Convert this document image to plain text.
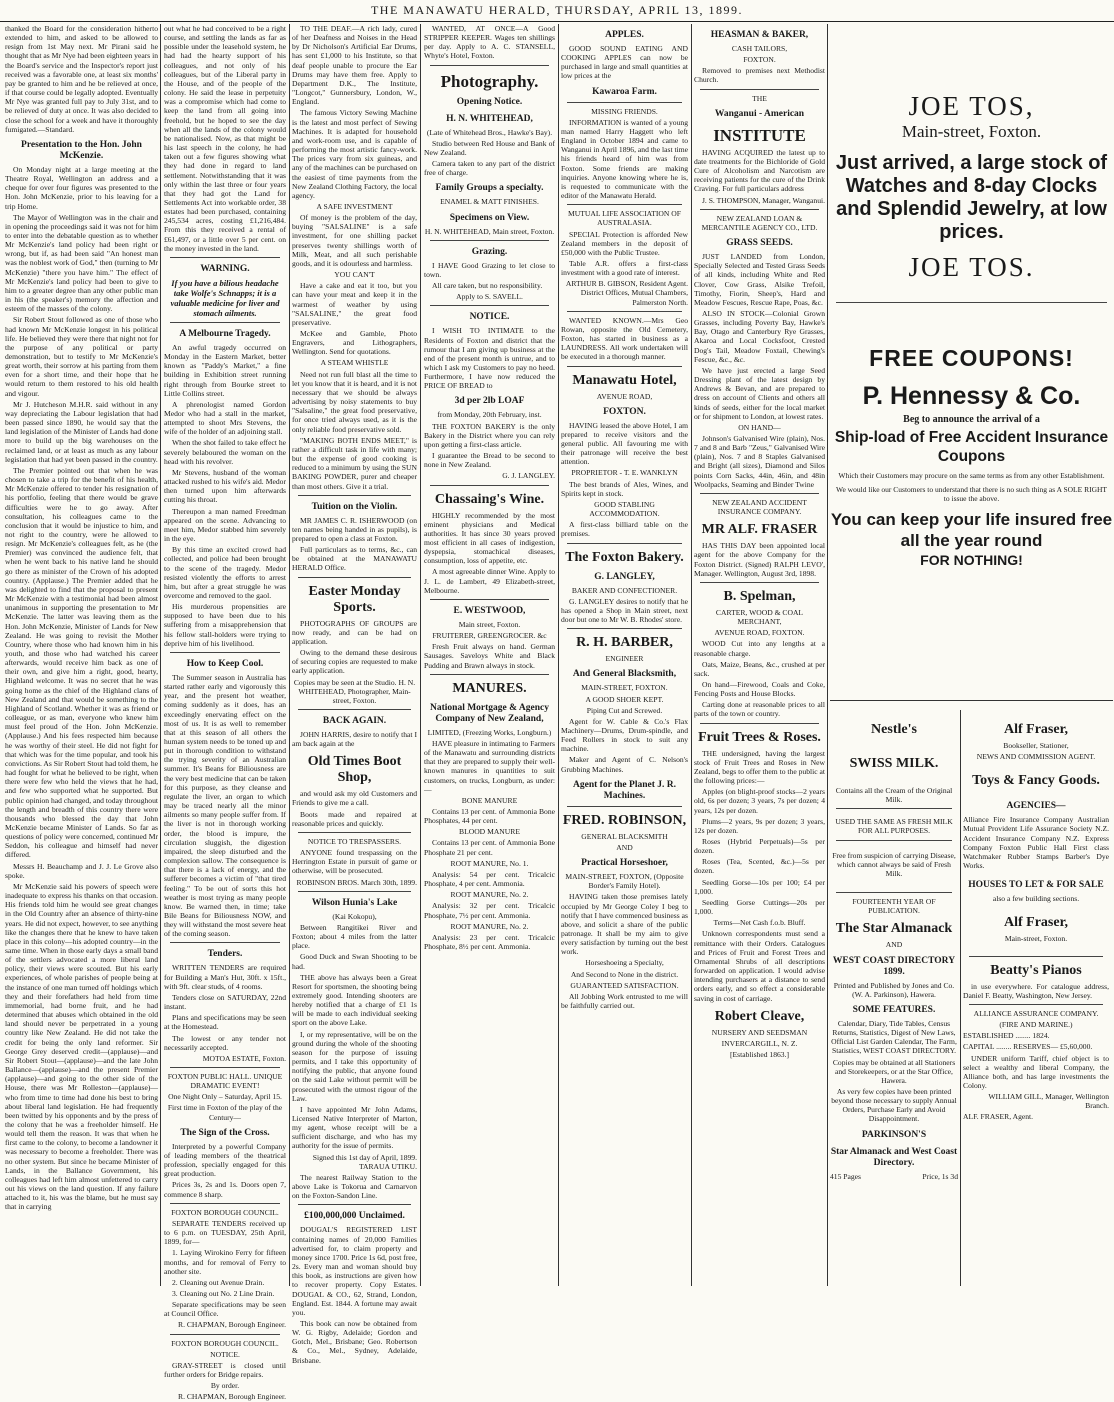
THE MANAWATU HERALD, THURSDAY, APRIL 13, 1899.

thanked the Board for the consideration hitherto extended to him, and asked to be allowed to resign from 1st May next. Mr Pirani said he thought that as Mr Nye had been eighteen years in the Board's service and the Inspector's report just received was a favorable one, at least six months' pay be granted to him and he be relieved at once, if that course could be legally adopted. Eventually Mr Nye was granted full pay to July 31st, and to be relieved of duty at once. It was also decided to close the school for a week and have it thoroughly fumigated.—Standard.

Presentation to the Hon. John McKenzie.

On Monday night at a large meeting at the Theatre Royal, Wellington an address and a cheque for over four figures was presented to the Hon. John McKenzie, prior to his leaving for a trip Home.

The Mayor of Wellington was in the chair and in opening the proceedings said it was not for him to enter into the debatable question as to whether Mr McKenzie's land policy had been right or wrong, but if, as had been said "An honest man was the noblest work of God," then (turning to Mr McKenzie) "there you have him." The effect of Mr McKenzie's land policy had been to give to him to a greater degree than any other public man in his (the speaker's) memory the affection and esteem of the masses of the colony.

Sir Robert Stout followed as one of those who had known Mr McKenzie longest in his political life. He believed they were there that night not for the purpose of any political or party demonstration, but to testify to Mr McKenzie's great worth, their sorrow at his parting from them even for a short time, and their hope that he would return to them restored to his old health and vigour.

Mr J. Hutcheson M.H.R. said without in any way depreciating the Labour legislation that had been passed since 1890, he would say that the land legislation of the Minister of Lands had done more to build up the big warehouses on the reclaimed land, or at least as much as any labour legislation that had yet been passed in the country.

The Premier pointed out that when he was chosen to take a trip for the benefit of his health, Mr McKenzie offered to tender his resignation of his portfolio, feeling that there would be grave difficulties were he to go away. After consultation, his colleagues came to the conclusion that it would be injustice to him, and not right to the country, were he allowed to resign. Mr McKenzie's colleagues felt, as he (the Premier) was convinced the audience felt, that when he went back to his native land he should go there as minister of the Crown of his adopted country. (Applause.) The Premier added that he was delighted to find that the proposal to present Mr McKenzie with a testimonial had been almost unanimous in supporting the presentation to Mr McKenzie. The latter was leaving them as the Hon. John McKenzie, Minister of Lands for New Zealand. He was going to revisit the Mother Country, where those who had known him in his youth, and those who had watched his career afterwards, would receive him back as one of their own, and give him a right, good, hearty, Highland welcome. It was no secret that he was going home as the chief of the Highland clans of New Zealand and that would be something to the Highland of Scotland. Whether it was as friend or colleague, or as man, everyone who knew him must feel proud of the Hon. John McKenzie. (Applause.) And his fees respected him because he was worthy of their steel. He did not fight for that which was for the time popular, and took his convictions. As Sir Robert Stout had told them, he had fought for what he believed to be right, when there were few who held the views that he had, and few who supported what he supported. But public opinion had changed, and today throughout the length and breadth of this country there were thousands who blessed the day that John McKenzie became Minister of Lands. So far as questions of policy were concerned, continued Mr Seddon, his colleague and himself had never differed.

Messrs H. Beauchamp and J. J. Le Grove also spoke.

Mr McKenzie said his powers of speech were inadequate to express his thanks on that occasion. His friends told him he would see great changes in the Old Country after an absence of thirty-nine years. He did not expect, however, to see anything like the changes there that he knew to have taken place in this colony—his adopted country—in the same time. When in those early days a small band of the settlers advocated a more liberal land policy, their views were scouted. But his early experiences, of whole parishes of people being at the instance of one man turned off holdings which they and their forefathers had held from time immemorial, had borne fruit, and he had determined that abuses which obtained in the old land should never be perpetrated in a young country like New Zealand. He did not take the credit for being the only land reformer. Sir George Grey deserved credit—(applause)—and Sir Robert Stout—(applause)—and the late John Ballance—(applause)—and the present Premier (applause)—and going to the other side of the House, there was Mr Rolleston—(applause)—who from time to time had done his best to bring about liberal land legislation. He had frequently been twitted by his opponents and by the press of the colony that he was a freeholder himself. He would tell them the reason. It was that when he first came to the colony, to become a landowner it was necessary to become a freeholder. There was no other system. But since he became Minister of Lands, in the Ballance Government, his colleagues had left him almost unfettered to carry out his views on the land question. If any failure attached to it, his was the blame, but he must say that in carrying

out what he had conceived to be a right course, and settling the lands as far as possible under the leasehold system, he had had the hearty support of his colleagues, and not only of his colleagues, but of the Liberal party in the House, and of the people of the colony. He said the lease in perpetuity was a compromise which had come to keep the land from all going into freehold, but he hoped to see the day when all the lands of the colony would be nationalised. Now, as that might be his last speech in the colony, he had taken out a few figures showing what they had done in regard to land settlement. Notwithstanding that it was only within the last three or four years that they had got the Land for Settlements Act into workable order, 38 estates had been purchased, containing 245,534 acres, costing £1,216,484. From this they received a rental of £61,497, or a little over 5 per cent. on the money invested in the land.

WARNING.
If you have a bilious headache take Wolfe's Schnapps; it is a valuable medicine for liver and stomach ailments.
A Melbourne Tragedy.

An awful tragedy occurred on Monday in the Eastern Market, better known as "Paddy's Market," a fine building in Exhibition street running right through from Bourke street to Little Collins street.

A phrenologist named Gordon Medor who had a stall in the market, attempted to shoot Mrs Stevens, the wife of the holder of an adjoining stall.

When the shot failed to take effect he severely belaboured the woman on the head with his revolver.

Mr Stevens, husband of the woman attacked rushed to his wife's aid. Medor then turned upon him afterwards cutting his throat.

Thereupon a man named Freedman appeared on the scene. Advancing to meet him, Medor stabbed him severely in the eye.

By this time an excited crowd had collected, and police had been brought to the scene of the tragedy. Medor resisted violently the efforts to arrest him, but after a great struggle he was overcome and removed to the gaol.

His murderous propensities are supposed to have been due to his suffering from a misapprehension that his fellow stall-holders were trying to deprive him of his livelihood.

How to Keep Cool.

The Summer season in Australia has started rather early and vigorously this year, and the present hot weather, coming suddenly as it does, has an exceedingly enervating effect on the most of us. It is as well to remember that at this season of all others the human system needs to be toned up and put in thorough condition to withstand the trying severity of an Australian summer. It's Beans for Biliousness are the very best medicine that can be taken for this purpose, as they cleanse and regulate the liver, an organ to which may be traced nearly all the minor ailments so many people suffer from. If the liver is not in thorough working order, the blood is impure, the circulation sluggish, the digestion impaired, the sleep disturbed and the complexion sallow. The consequence is that there is a lack of energy, and the sufferer becomes a victim of "that tired feeling." To be out of sorts this hot weather is most trying as many people know. Be warned then, in time; take Bile Beans for Biliousness NOW, and they will withstand the most severe heat of the coming season.

Tenders.

WRITTEN TENDERS are required for Building a Man's Hut, 30ft. x 15ft., with 9ft. clear studs, of 4 rooms.

Tenders close on SATURDAY, 22nd instant.

Plans and specifications may be seen at the Homestead.

The lowest or any tender not necessarily accepted.

MOTOA ESTATE, Foxton.

FOXTON PUBLIC HALL. UNIQUE DRAMATIC EVENT!

One Night Only – Saturday, April 15.

First time in Foxton of the play of the Century—

The Sign of the Cross.

Interpreted by a powerful Company of leading members of the theatrical profession, specially engaged for this great production.

Prices 3s, 2s and 1s. Doors open 7, commence 8 sharp.

FOXTON BOROUGH COUNCIL.

SEPARATE TENDERS received up to 6 p.m. on TUESDAY, 25th April, 1899, for—

1. Laying Wirokino Ferry for fifteen months, and for removal of Ferry to another site.

2. Cleaning out Avenue Drain.

3. Cleaning out No. 2 Line Drain.

Separate specifications may be seen at Council Office.

R. CHAPMAN, Borough Engineer.

FOXTON BOROUGH COUNCIL.

NOTICE.

GRAY-STREET is closed until further orders for Bridge repairs.

By order.

R. CHAPMAN, Borough Engineer.

TO THE DEAF.—A rich lady, cured of her Deafness and Noises in the Head by Dr Nicholson's Artificial Ear Drums, has sent £1,000 to his Institute, so that deaf people unable to procure the Ear Drums may have them free. Apply to Department D.K., The Institute, "Longcot," Gunnersbury, London, W., England.

The famous Victory Sewing Machine is the latest and most perfect of Sewing Machines. It is adapted for household and work-room use, and is capable of performing the most artistic fancy-work. The prices vary from six guineas, and any of the machines can be purchased on the easiest of time payments from the New Zealand Clothing Factory, the local agency.

A SAFE INVESTMENT

Of money is the problem of the day, buying "SALSALINE" is a safe investment, for one shilling packet preserves twenty shillings worth of Milk, Meat, and all such perishable goods, and it is odourless and harmless.

YOU CAN'T

Have a cake and eat it too, but you can have your meat and keep it in the warmest of weather by using "SALSALINE," the great food preservative.

McKee and Gamble, Photo Engravers, and Lithographers, Wellington. Send for quotations.

A STEAM WHISTLE

Need not run full blast all the time to let you know that it is heard, and it is not necessary that we should be always advertising by noisy statements to buy "Salsaline," the great food preservative, for once tried always used, as it is the only reliable food preservative sold.

"MAKING BOTH ENDS MEET," is rather a difficult task in life with many; but the expense of good cooking is reduced to a minimum by using the SUN BAKING POWDER, purer and cheaper than most others. Give it a trial.

Tuition on the Violin.

MR JAMES C. R. ISHERWOOD (on ten names being handed in as pupils), is prepared to open a class at Foxton.

Full particulars as to terms, &c., can be obtained at the MANAWATU HERALD Office.

Easter Monday Sports.

PHOTOGRAPHS OF GROUPS are now ready, and can be had on application.

Owing to the demand these desirous of securing copies are requested to make early application.

Copies may be seen at the Studio. H. N. WHITEHEAD, Photographer, Main-street, Foxton.

BACK AGAIN.

JOHN HARRIS, desire to notify that I am back again at the

Old Times Boot Shop,

and would ask my old Customers and Friends to give me a call.

Boots made and repaired at reasonable prices and quickly.

NOTICE TO TRESPASSERS.

ANYONE found trespassing on the Herrington Estate in pursuit of game or otherwise, will be prosecuted.

ROBINSON BROS. March 30th, 1899.

Wilson Hunia's Lake

(Kai Kokopu),

Between Rangitikei River and Foxton; about 4 miles from the latter place.

Good Duck and Swan Shooting to be had.

THE above has always been a Great Resort for sportsmen, the shooting being extremely good. Intending shooters are hereby notified that a charge of £1 1s will be made to each individual seeking sport on the above Lake.

I, or my representative, will be on the ground during the whole of the shooting season for the purpose of issuing permits, and I take this opportunity of notifying the public, that anyone found on the said Lake without permit will be prosecuted with the utmost rigour of the Law.

I have appointed Mr John Adams, Licensed Native Interpreter of Marton, my agent, whose receipt will be a sufficient discharge, and who has my authority for the issue of permits.

Signed this 1st day of April, 1899. TARAUA UTIKU.

The nearest Railway Station to the above Lake is Tokorua and Carnarvon on the Foxton-Sandon Line.

£100,000,000 Unclaimed.

DOUGAL'S REGISTERED LIST containing names of 20,000 Families advertised for, to claim property and money since 1700. Price 1s 6d, post free, 2s. Every man and woman should buy this book, as instructions are given how to recover property. Copy Estates. DOUGAL & CO., 62, Strand, London, England. Est. 1844. A fortune may await you.

This book can now be obtained from W. G. Rigby, Adelaide; Gordon and Gotch, Mel., Brisbane; Geo. Robertson & Co., Mel., Sydney, Adelaide, Brisbane.

WANTED, AT ONCE—A Good STRIPPER KEEPER. Wages ten shillings per day. Apply to A. C. STANSELL, Whyte's Hotel, Foxton.

Photography.
Opening Notice.
H. N. WHITEHEAD,

(Late of Whitehead Bros., Hawke's Bay).

Studio between Red House and Bank of New Zealand.

Camera taken to any part of the district free of charge.

Family Groups a specialty.

ENAMEL & MATT FINISHES.

Specimens on View.

H. N. WHITEHEAD, Main street, Foxton.

Grazing.

I HAVE Good Grazing to let close to town.

All care taken, but no responsibility.

Apply to S. SAVELL.

NOTICE.

I WISH TO INTIMATE to the Residents of Foxton and district that the rumour that I am giving up business at the end of the present month is untrue, and to which I ask my Customers to pay no heed. Furthermore, I have now reduced the PRICE OF BREAD to

3d per 2lb LOAF

from Monday, 20th February, inst.

THE FOXTON BAKERY is the only Bakery in the District where you can rely upon getting a first-class article.

I guarantee the Bread to be second to none in New Zealand.

G. J. LANGLEY.

Chassaing's Wine.

HIGHLY recommended by the most eminent physicians and Medical authorities. It has since 30 years proved most efficient in all cases of indigestion, dyspepsia, stomachical diseases, consumption, loss of appetite, etc.

A most agreeable dinner Wine. Apply to J. L. de Lambert, 49 Elizabeth-street, Melbourne.

E. WESTWOOD,

Main street, Foxton.

FRUITERER, GREENGROCER. &c

Fresh Fruit always on hand. German Sausages. Saveloys White and Black Pudding and Brawn always in stock.

MANURES.
National Mortgage & Agency Company of New Zealand,

LIMITED, (Freezing Works, Longburn.)

HAVE pleasure in intimating to Farmers of the Manawatu and surrounding districts that they are prepared to supply their well-known manures in quantities to suit customers, on trucks, Longburn, as under:—

BONE MANURE

Contains 13 per cent. of Ammonia Bone Phosphates, 44 per cent.

BLOOD MANURE

Contains 13 per cent. of Ammonia Bone Phosphate 21 per cent.

ROOT MANURE, No. 1.

Analysis: 54 per cent. Tricalcic Phosphate, 4 per cent. Ammonia.

ROOT MANURE, No. 2.

Analysis: 32 per cent. Tricalcic Phosphate, 7½ per cent. Ammonia.

ROOT MANURE, No. 2.

Analysis: 23 per cent. Tricalcic Phosphate, 8½ per cent. Ammonia.

APPLES.

GOOD SOUND EATING AND COOKING APPLES can now be purchased in large and small quantities at low prices at the

Kawaroa Farm.

MISSING FRIENDS.

INFORMATION is wanted of a young man named Harry Haggett who left England in October 1894 and came to Wanganui in April 1896, and the last time his friends heard of him was from Foxton. Some friends are making inquiries. Anyone knowing where he is, is requested to communicate with the editor of the Manawatu Herald.

MUTUAL LIFE ASSOCIATION OF AUSTRALASIA.

SPECIAL Protection is afforded New Zealand members in the deposit of £50,000 with the Public Trustee.

Table A.R. offers a first-class investment with a good rate of interest.

ARTHUR B. GIBSON, Resident Agent. District Offices, Mutual Chambers, Palmerston North.

WANTED KNOWN.—Mrs Geo Rowan, opposite the Old Cemetery, Foxton, has started in business as a LAUNDRESS. All work undertaken will be executed in a thorough manner.

Manawatu Hotel,

AVENUE ROAD,

FOXTON.

HAVING leased the above Hotel, I am prepared to receive visitors and the general public. All favouring me with their patronage will receive the best attention.

PROPRIETOR - T. E. WANKLYN

The best brands of Ales, Wines, and Spirits kept in stock.

GOOD STABLING ACCOMMODATION.

A first-class billiard table on the premises.

The Foxton Bakery.
G. LANGLEY,

BAKER AND CONFECTIONER.

G. LANGLEY desires to notify that he has opened a Shop in Main street, next door but one to Mr W. B. Rhodes' store.

R. H. BARBER,

ENGINEER

And General Blacksmith,

MAIN-STREET, FOXTON.

A GOOD SHOER KEPT.

Piping Cut and Screwed.

Agent for W. Cable & Co.'s Flax Machinery—Drums, Drum-spindle, and Feed Rollers in stock to suit any machine.

Maker and Agent of C. Nelson's Grubbing Machines.

Agent for the Planet J. R. Machines.
FRED. ROBINSON,

GENERAL BLACKSMITH

AND

Practical Horseshoer,

MAIN-STREET, FOXTON, (Opposite Border's Family Hotel).

HAVING taken those premises lately occupied by Mr George Coley I beg to notify that I have commenced business as above, and solicit a share of the public patronage. It shall be my aim to give every satisfaction by turning out the best work.

Horseshoeing a Specialty,

And Second to None in the district.

GUARANTEED SATISFACTION.

All Jobbing Work entrusted to me will be faithfully carried out.

HEASMAN & BAKER,

CASH TAILORS,

FOXTON.

Removed to premises next Methodist Church.

THE

Wanganui - American
INSTITUTE

HAVING ACQUIRED the latest up to date treatments for the Bichloride of Gold Cure of Alcoholism and Narcotism are receiving patients for the cure of the Drink Craving. For full particulars address

J. S. THOMPSON, Manager, Wanganui.

NEW ZEALAND LOAN & MERCANTILE AGENCY CO., LTD.

GRASS SEEDS.

JUST LANDED from London, Specially Selected and Tested Grass Seeds of all kinds, including White and Red Clover, Cow Grass, Alsike Trefoil, Timothy, Fiorin, Sheep's, Hard and Meadow Fescues, Rescue Rape, Poas, &c.

ALSO IN STOCK—Colonial Grown Grasses, including Poverty Bay, Hawke's Bay, Otago and Canterbury Rye Grasses, Akaroa and Local Cocksfoot, Crested Dog's Tail, Meadow Foxtail, Chewing's Fescue, &c., &c.

We have just erected a large Seed Dressing plant of the latest design by Andrews & Bevan, and are prepared to dress on account of Clients and others all kinds of seeds, either for the local market or for shipment to London, at lowest rates.

ON HAND—

Johnson's Galvanised Wire (plain), Nos. 7 and 8 and Barb "Zeus," Galvanised Wire (plain), Nos. 7 and 8 Staples Galvanised and Bright (all sizes), Diamond and Silos points Corn Sacks, 44in, 46in, and 48in Woolpacks, Seaming and Binder Twine

NEW ZEALAND ACCIDENT INSURANCE COMPANY.

MR ALF. FRASER

HAS THIS DAY been appointed local agent for the above Company for the Foxton District. (Signed) RALPH LEVO', Manager. Wellington, August 3rd, 1898.

B. Spelman,

CARTER, WOOD & COAL MERCHANT,

AVENUE ROAD, FOXTON.

WOOD Cut into any lengths at a reasonable charge.

Oats, Maize, Beans, &c., crushed at per sack.

On hand—Firewood, Coals and Coke, Fencing Posts and House Blocks.

Carting done at reasonable prices to all parts of the town or country.

Fruit Trees & Roses.

THE undersigned, having the largest stock of Fruit Trees and Roses in New Zealand, begs to offer them to the public at the following prices:—

Apples (on blight-proof stocks—2 years old, 6s per dozen; 3 years, 7s per dozen; 4 years, 12s per dozen.

Plums—2 years, 9s per dozen; 3 years, 12s per dozen.

Roses (Hybrid Perpetuals)—5s per dozen.

Roses (Tea, Scented, &c.)—5s per dozen.

Seedling Gorse—10s per 100; £4 per 1,000.

Seedling Gorse Cuttings—20s per 1,000.

Terms—Net Cash f.o.b. Bluff.

Unknown correspondents must send a remittance with their Orders. Catalogues and Prices of Fruit and Forest Trees and Ornamental Shrubs of all descriptions forwarded on application. I would advise intending purchasers at a distance to send orders early, and so effect a considerable saving in cost of carriage.

Robert Cleave,

NURSERY AND SEEDSMAN

INVERCARGILL, N. Z.

[Established 1863.]

JOE TOS,
Main-street, Foxton.
Just arrived, a large stock of Watches and 8-day Clocks and Splendid Jewelry, at low prices.
JOE TOS.
FREE COUPONS!
P. Hennessy & Co.
Beg to announce the arrival of a
Ship-load of Free Accident Insurance Coupons
Which their Customers may procure on the same terms as from any other Establishment.
We would like our Customers to understand that there is no such thing as A SOLE RIGHT to issue the above.
You can keep your life insured free all the year round
FOR NOTHING!
Nestle's
SWISS MILK.

Contains all the Cream of the Original Milk.

USED THE SAME AS FRESH MILK FOR ALL PURPOSES.

Free from suspicion of carrying Disease, which cannot always be said of Fresh Milk.

FOURTEENTH YEAR OF PUBLICATION.

The Star Almanack

AND

WEST COAST DIRECTORY 1899.

Printed and Published by Jones and Co. (W. A. Parkinson), Hawera.

SOME FEATURES.

Calendar, Diary, Tide Tables, Census Returns, Statistics, Digest of New Laws, Official List Garden Calendar, The Farm, Statistics, WEST COAST DIRECTORY.

Copies may be obtained at all Stationers and Storekeepers, or at the Star Office, Hawera.

As very few copies have been printed beyond those necessary to supply Annual Orders, Purchase Early and Avoid Disappointment.

PARKINSON'S
Star Almanack and West Coast Directory.

415 Pages	Price, 1s 3d

Alf Fraser,

Bookseller, Stationer,

NEWS AND COMMISSION AGENT.

Toys & Fancy Goods.
AGENCIES—

Alliance Fire Insurance Company Australian Mutual Provident Life Assurance Society N.Z. Accident Insurance Company N.Z. Express Company Foxton Public Hall First class Watchmaker Rubber Stamps Barber's Dye Works.

HOUSES TO LET & FOR SALE

also a few building sections.

Alf Fraser,

Main-street, Foxton.

Beatty's Pianos

in use everywhere. For catalogue address, Daniel F. Beatty, Washington, New Jersey.

ALLIANCE ASSURANCE COMPANY.

(FIRE AND MARINE.)

ESTABLISHED ........ 1824.

CAPITAL ........ RESERVES— £5,60,000.

UNDER uniform Tariff, chief object is to select a wealthy and liberal Company, the Alliance both, and has large investments the Colony.

WILLIAM GILL, Manager, Wellington Branch.

ALF. FRASER, Agent.
